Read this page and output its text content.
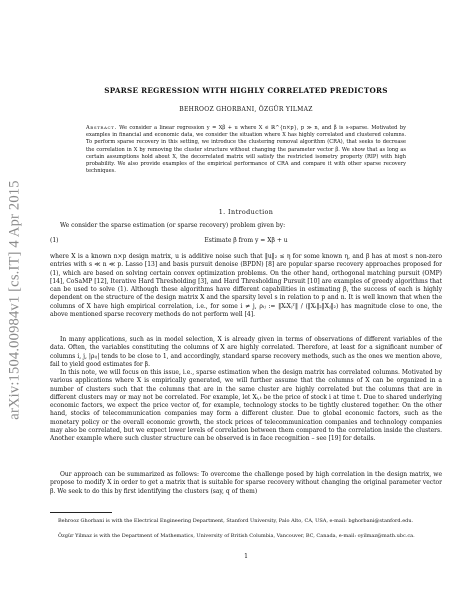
arXiv:1504.00984v1 [cs.IT] 4 Apr 2015
SPARSE REGRESSION WITH HIGHLY CORRELATED PREDICTORS
BEHROOZ GHORBANI, ÖZGÜR YILMAZ
Abstract. We consider a linear regression y = Xβ + u where X ∈ ℝ^{n×p}, p ≫ n, and β is s-sparse. Motivated by examples in financial and economic data, we consider the situation where X has highly correlated and clustered columns. To perform sparse recovery in this setting, we introduce the clustering removal algorithm (CRA), that seeks to decrease the correlation in X by removing the cluster structure without changing the parameter vector β. We show that as long as certain assumptions hold about X, the decorrelated matrix will satisfy the restricted isometry property (RIP) with high probability. We also provide examples of the empirical performance of CRA and compare it with other sparse recovery techniques.
1. Introduction
We consider the sparse estimation (or sparse recovery) problem given by:
(1)	Estimate β from y = Xβ + u
where X is a known n×p design matrix, u is additive noise such that ‖u‖₂ ≤ η for some known η, and β has at most s non-zero entries with s ≪ n ≪ p. Lasso [13] and basis pursuit denoise (BPDN) [8] are popular sparse recovery approaches proposed for (1), which are based on solving certain convex optimization problems. On the other hand, orthogonal matching pursuit (OMP) [14], CoSaMP [12], Iterative Hard Thresholding [3], and Hard Thresholding Pursuit [10] are examples of greedy algorithms that can be used to solve (1). Although these algorithms have different capabilities in estimating β, the success of each is highly dependent on the structure of the design matrix X and the sparsity level s in relation to p and n. It is well known that when the columns of X have high empirical correlation, i.e., for some i ≠ j, ρᵢⱼ := ‖XᵢXⱼᵀ‖ / (‖Xᵢ‖₂‖Xⱼ‖₂) has magnitude close to one, the above mentioned sparse recovery methods do not perform well [4].
In many applications, such as in model selection, X is already given in terms of observations of different variables of the data. Often, the variables constituting the columns of X are highly correlated. Therefore, at least for a significant number of columns i, j, |ρᵢⱼ| tends to be close to 1, and accordingly, standard sparse recovery methods, such as the ones we mention above, fail to yield good estimates for β.
In this note, we will focus on this issue, i.e., sparse estimation when the design matrix has correlated columns. Motivated by various applications where X is empirically generated, we will further assume that the columns of X can be organized in a number of clusters such that the columns that are in the same cluster are highly correlated but the columns that are in different clusters may or may not be correlated. For example, let Xᵢ,ₜ be the price of stock i at time t. Due to shared underlying economic factors, we expect the price vector of, for example, technology stocks to be tightly clustered together. On the other hand, stocks of telecommunication companies may form a different cluster. Due to global economic factors, such as the monetary policy or the overall economic growth, the stock prices of telecommunication companies and technology companies may also be correlated, but we expect lower levels of correlation between them compared to the correlation inside the clusters. Another example where such cluster structure can be observed is in face recognition – see [19] for details.
Our approach can be summarized as follows: To overcome the challenge posed by high correlation in the design matrix, we propose to modify X in order to get a matrix that is suitable for sparse recovery without changing the original parameter vector β. We seek to do this by first identifying the clusters (say, q of them)
Behrooz Ghorbani is with the Electrical Engineering Department, Stanford University, Palo Alto, CA, USA, e-mail: bghorbani@stanford.edu.
Özgür Yilmaz is with the Department of Mathematics, University of British Columbia, Vancouver, BC, Canada, e-mail: oyilmaz@math.ubc.ca.
1
